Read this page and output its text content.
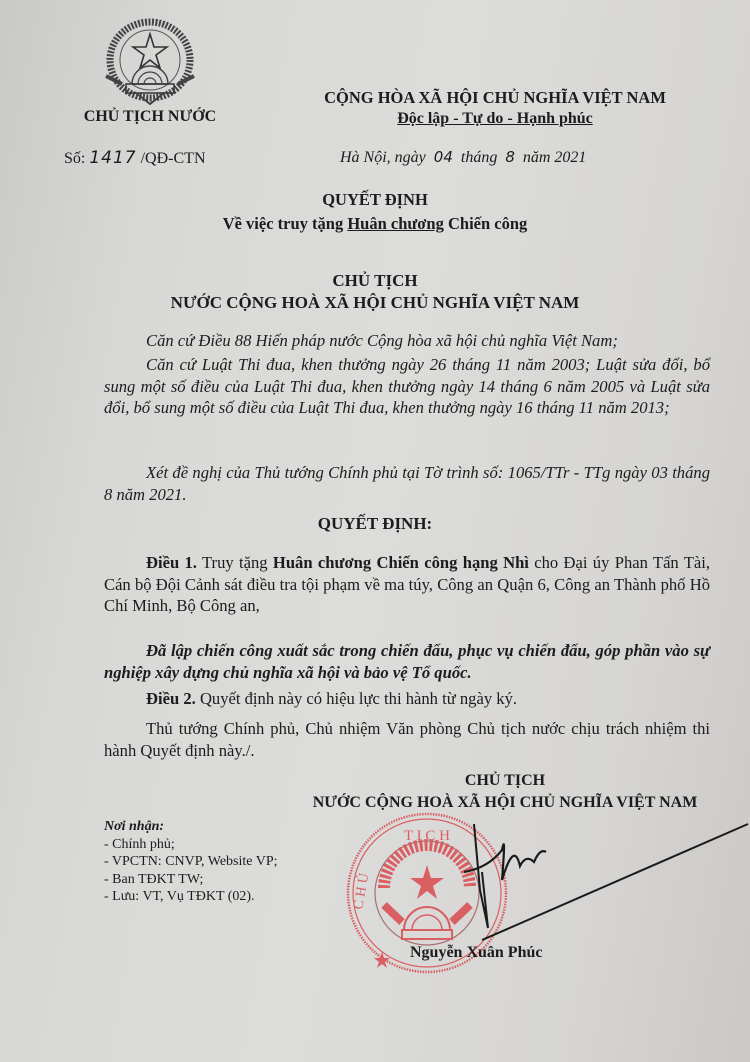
CHỦ TỊCH NƯỚC
Số: 1417 /QĐ-CTN
CỘNG HÒA XÃ HỘI CHỦ NGHĨA VIỆT NAM
Độc lập - Tự do - Hạnh phúc
Hà Nội, ngày 04 tháng 8 năm 2021
QUYẾT ĐỊNH
Về việc truy tặng Huân chương Chiến công
CHỦ TỊCH
NƯỚC CỘNG HOÀ XÃ HỘI CHỦ NGHĨA VIỆT NAM
Căn cứ Điều 88 Hiến pháp nước Cộng hòa xã hội chủ nghĩa Việt Nam;
Căn cứ Luật Thi đua, khen thưởng ngày 26 tháng 11 năm 2003; Luật sửa đổi, bổ sung một số điều của Luật Thi đua, khen thưởng ngày 14 tháng 6 năm 2005 và Luật sửa đổi, bổ sung một số điều của Luật Thi đua, khen thưởng ngày 16 tháng 11 năm 2013;
Xét đề nghị của Thủ tướng Chính phủ tại Tờ trình số: 1065/TTr - TTg ngày 03 tháng 8 năm 2021.
QUYẾT ĐỊNH:
Điều 1. Truy tặng Huân chương Chiến công hạng Nhì cho Đại úy Phan Tấn Tài, Cán bộ Đội Cảnh sát điều tra tội phạm về ma túy, Công an Quận 6, Công an Thành phố Hồ Chí Minh, Bộ Công an,
Đã lập chiến công xuất sắc trong chiến đấu, phục vụ chiến đấu, góp phần vào sự nghiệp xây dựng chủ nghĩa xã hội và bảo vệ Tổ quốc.
Điều 2. Quyết định này có hiệu lực thi hành từ ngày ký.
Thủ tướng Chính phủ, Chủ nhiệm Văn phòng Chủ tịch nước chịu trách nhiệm thi hành Quyết định này./.
CHỦ TỊCH
NƯỚC CỘNG HOÀ XÃ HỘI CHỦ NGHĨA VIỆT NAM
Nơi nhận:
- Chính phủ;
- VPCTN: CNVP, Website VP;
- Ban TĐKT TW;
- Lưu: VT, Vụ TĐKT (02).
T I C H
C H Ủ
Nguyễn Xuân Phúc
